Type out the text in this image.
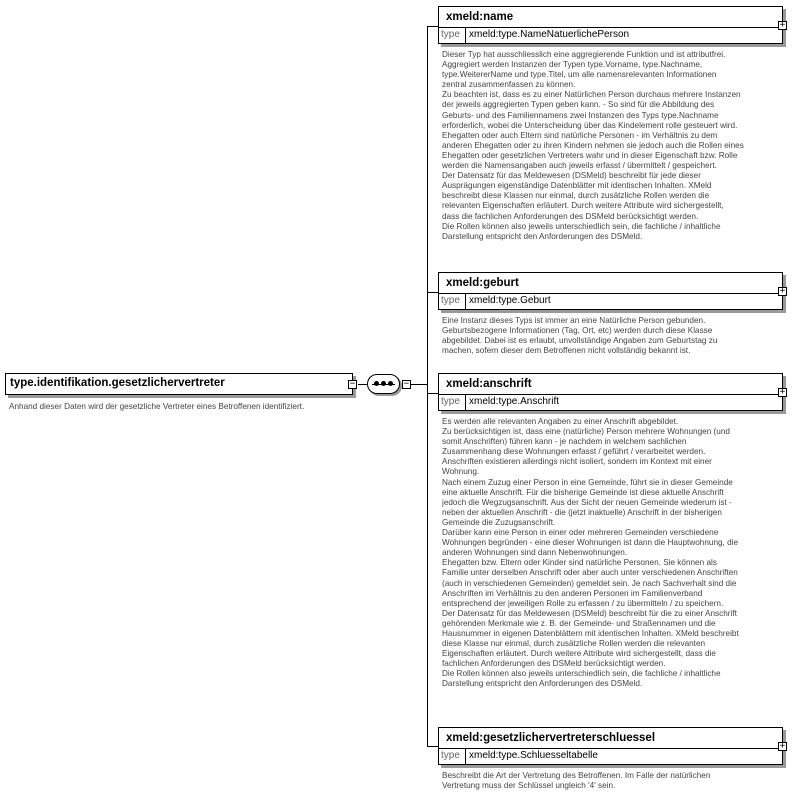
type.identifikation.gesetzlichervertreter	−
Anhand dieser Daten wird der gesetzliche Vertreter eines Betroffenen identifiziert.
−
xmeld:name
type xmeld:type.NameNatuerlichePerson
+
Dieser Typ hat ausschliesslich eine aggregierende Funktion und ist attributfrei.
Aggregiert werden Instanzen der Typen type.Vorname, type.Nachname,
type.WeitererName und type.Titel, um alle namensrelevanten Informationen
zentral zusammenfassen zu können.
Zu beachten ist, dass es zu einer Natürlichen Person durchaus mehrere Instanzen
der jeweils aggregierten Typen geben kann. - So sind für die Abbildung des
Geburts- und des Familiennamens zwei Instanzen des Typs type.Nachname
erforderlich, wobei die Unterscheidung über das Kindelement rolle gesteuert wird.
Ehegatten oder auch Eltern sind natürliche Personen - im Verhältnis zu dem
anderen Ehegatten oder zu ihren Kindern nehmen sie jedoch auch die Rollen eines
Ehegatten oder gesetzlichen Vertreters wahr und in dieser Eigenschaft bzw. Rolle
werden die Namensangaben auch jeweils erfasst / übermittelt / gespeichert.
Der Datensatz für das Meldewesen (DSMeld) beschreibt für jede dieser
Ausprägungen eigenständige Datenblätter mit identischen Inhalten. XMeld
beschreibt diese Klassen nur einmal, durch zusätzliche Rollen werden die
relevanten Eigenschaften erläutert. Durch weitere Attribute wird sichergestellt,
dass die fachlichen Anforderungen des DSMeld berücksichtigt werden.
Die Rollen können also jeweils unterschiedlich sein, die fachliche / inhaltliche
Darstellung entspricht den Anforderungen des DSMeld.
xmeld:geburt
type xmeld:type.Geburt
+
Eine Instanz dieses Typs ist immer an eine Natürliche Person gebunden.
Geburtsbezogene Informationen (Tag, Ort, etc) werden durch diese Klasse
abgebildet. Dabei ist es erlaubt, unvollständige Angaben zum Geburtstag zu
machen, sofern dieser dem Betroffenen nicht vollständig bekannt ist.
xmeld:anschrift
type xmeld:type.Anschrift
+
Es werden alle relevanten Angaben zu einer Anschrift abgebildet.
Zu berücksichtigen ist, dass eine (natürliche) Person mehrere Wohnungen (und
somit Anschriften) führen kann - je nachdem in welchem sachlichen
Zusammenhang diese Wohnungen erfasst / geführt / verarbeitet werden.
Anschriften existieren allerdings nicht isoliert, sondern im Kontext mit einer
Wohnung.
Nach einem Zuzug einer Person in eine Gemeinde, führt sie in dieser Gemeinde
eine aktuelle Anschrift. Für die bisherige Gemeinde ist diese aktuelle Anschrift
jedoch die Wegzugsanschrift. Aus der Sicht der neuen Gemeinde wiederum ist -
neben der aktuellen Anschrift - die (jetzt inaktuelle) Anschrift in der bisherigen
Gemeinde die Zuzugsanschrift.
Darüber kann eine Person in einer oder mehreren Gemeinden verschiedene
Wohnungen begründen - eine dieser Wohnungen ist dann die Hauptwohnung, die
anderen Wohnungen sind dann Nebenwohnungen.
Ehegatten bzw. Eltern oder Kinder sind natürliche Personen. Sie können als
Familie unter derselben Anschrift oder aber auch unter verschiedenen Anschriften
(auch in verschiedenen Gemeinden) gemeldet sein. Je nach Sachverhalt sind die
Anschriften im Verhältnis zu den anderen Personen im Familienverband
entsprechend der jeweiligen Rolle zu erfassen / zu übermitteln / zu speichern.
Der Datensatz für das Meldewesen (DSMeld) beschreibt für die zu einer Anschrift
gehörenden Merkmale wie z. B. der Gemeinde- und Straßennamen und die
Hausnummer in eigenen Datenblättern mit identischen Inhalten. XMeld beschreibt
diese Klasse nur einmal, durch zusätzliche Rollen werden die relevanten
Eigenschaften erläutert. Durch weitere Attribute wird sichergestellt, dass die
fachlichen Anforderungen des DSMeld berücksichtigt werden.
Die Rollen können also jeweils unterschiedlich sein, die fachliche / inhaltliche
Darstellung entspricht den Anforderungen des DSMeld.
xmeld:gesetzlichervertreterschluessel
type xmeld:type.Schluesseltabelle
+
Beschreibt die Art der Vertretung des Betroffenen. Im Falle der natürlichen
Vertretung muss der Schlüssel ungleich '4' sein.
